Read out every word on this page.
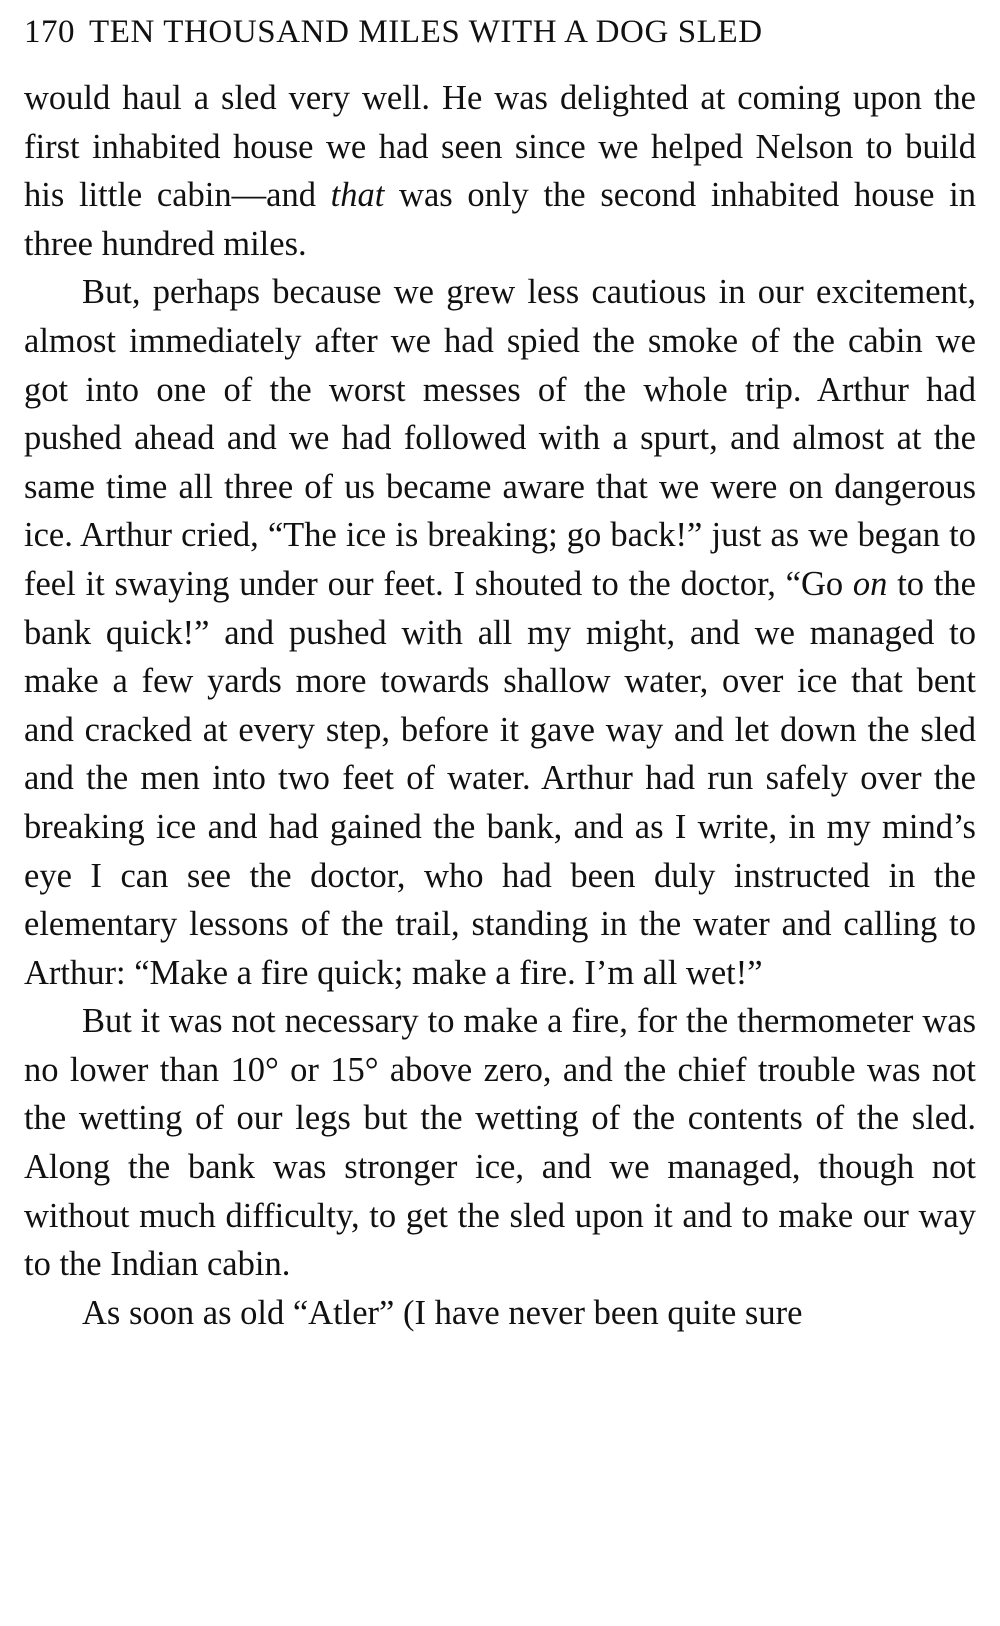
170 TEN THOUSAND MILES WITH A DOG SLED

would haul a sled very well. He was delighted at coming upon the first inhabited house we had seen since we helped Nelson to build his little cabin—and that was only the second inhabited house in three hundred miles.

But, perhaps because we grew less cautious in our excitement, almost immediately after we had spied the smoke of the cabin we got into one of the worst messes of the whole trip. Arthur had pushed ahead and we had followed with a spurt, and almost at the same time all three of us became aware that we were on dangerous ice. Arthur cried, “The ice is breaking; go back!” just as we began to feel it swaying under our feet. I shouted to the doctor, “Go on to the bank quick!” and pushed with all my might, and we managed to make a few yards more towards shallow water, over ice that bent and cracked at every step, before it gave way and let down the sled and the men into two feet of water. Arthur had run safely over the breaking ice and had gained the bank, and as I write, in my mind’s eye I can see the doctor, who had been duly instructed in the elementary lessons of the trail, standing in the water and calling to Arthur: “Make a fire quick; make a fire. I’m all wet!”

But it was not necessary to make a fire, for the thermometer was no lower than 10° or 15° above zero, and the chief trouble was not the wetting of our legs but the wetting of the contents of the sled. Along the bank was stronger ice, and we managed, though not without much difficulty, to get the sled upon it and to make our way to the Indian cabin.

As soon as old “Atler” (I have never been quite sure
